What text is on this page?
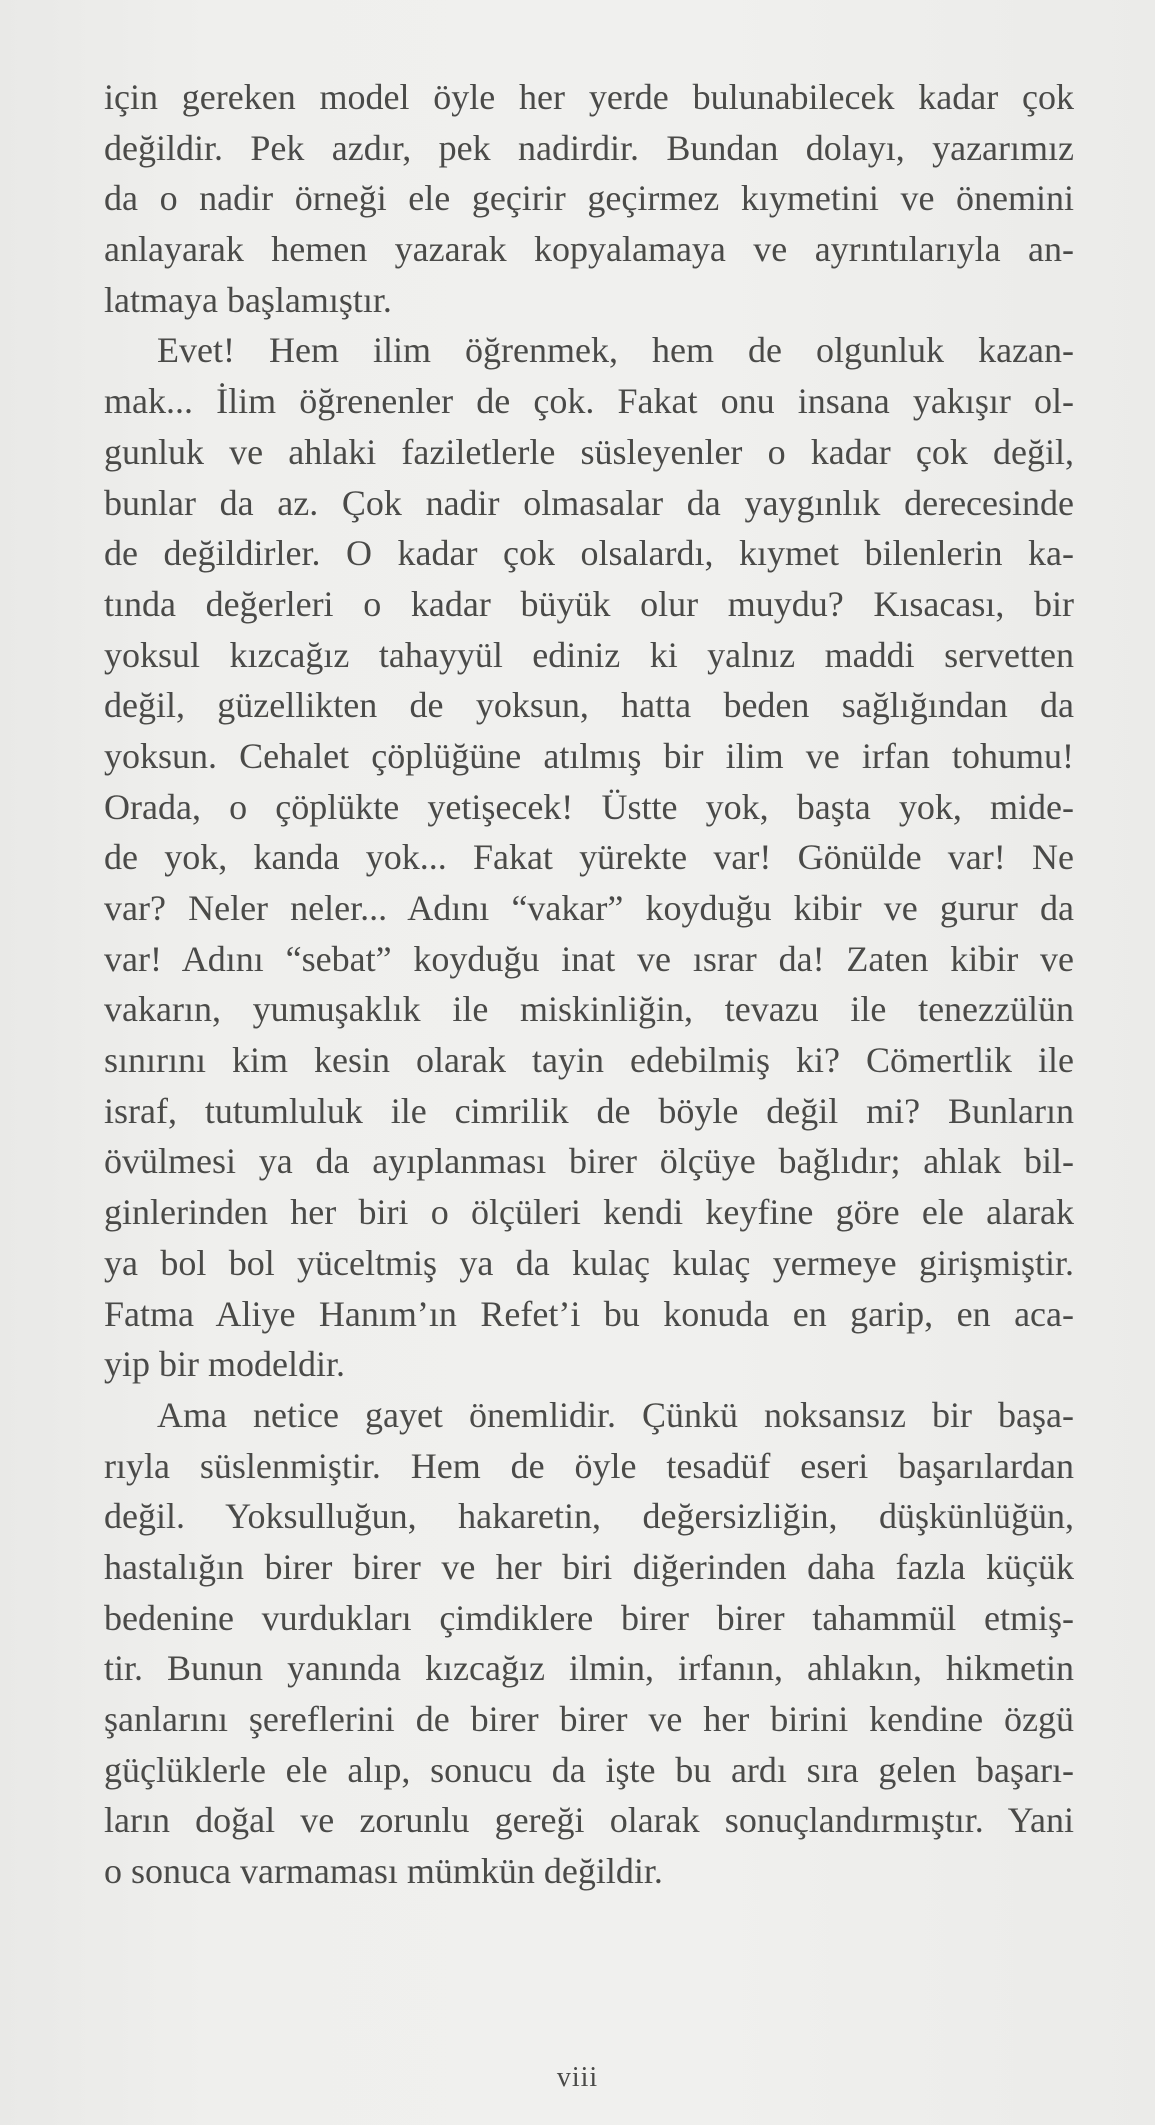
için gereken model öyle her yerde bulunabilecek kadar çok
değildir. Pek azdır, pek nadirdir. Bundan dolayı, yazarımız
da o nadir örneği ele geçirir geçirmez kıymetini ve önemini
anlayarak hemen yazarak kopyalamaya ve ayrıntılarıyla an-
latmaya başlamıştır.
Evet! Hem ilim öğrenmek, hem de olgunluk kazan-
mak... İlim öğrenenler de çok. Fakat onu insana yakışır ol-
gunluk ve ahlaki faziletlerle süsleyenler o kadar çok değil,
bunlar da az. Çok nadir olmasalar da yaygınlık derecesinde
de değildirler. O kadar çok olsalardı, kıymet bilenlerin ka-
tında değerleri o kadar büyük olur muydu? Kısacası, bir
yoksul kızcağız tahayyül ediniz ki yalnız maddi servetten
değil, güzellikten de yoksun, hatta beden sağlığından da
yoksun. Cehalet çöplüğüne atılmış bir ilim ve irfan tohumu!
Orada, o çöplükte yetişecek! Üstte yok, başta yok, mide-
de yok, kanda yok... Fakat yürekte var! Gönülde var! Ne
var? Neler neler... Adını “vakar” koyduğu kibir ve gurur da
var! Adını “sebat” koyduğu inat ve ısrar da! Zaten kibir ve
vakarın, yumuşaklık ile miskinliğin, tevazu ile tenezzülün
sınırını kim kesin olarak tayin edebilmiş ki? Cömertlik ile
israf, tutumluluk ile cimrilik de böyle değil mi? Bunların
övülmesi ya da ayıplanması birer ölçüye bağlıdır; ahlak bil-
ginlerinden her biri o ölçüleri kendi keyfine göre ele alarak
ya bol bol yüceltmiş ya da kulaç kulaç yermeye girişmiştir.
Fatma Aliye Hanım’ın Refet’i bu konuda en garip, en aca-
yip bir modeldir.
Ama netice gayet önemlidir. Çünkü noksansız bir başa-
rıyla süslenmiştir. Hem de öyle tesadüf eseri başarılardan
değil. Yoksulluğun, hakaretin, değersizliğin, düşkünlüğün,
hastalığın birer birer ve her biri diğerinden daha fazla küçük
bedenine vurdukları çimdiklere birer birer tahammül etmiş-
tir. Bunun yanında kızcağız ilmin, irfanın, ahlakın, hikmetin
şanlarını şereflerini de birer birer ve her birini kendine özgü
güçlüklerle ele alıp, sonucu da işte bu ardı sıra gelen başarı-
ların doğal ve zorunlu gereği olarak sonuçlandırmıştır. Yani
o sonuca varmaması mümkün değildir.
viii
